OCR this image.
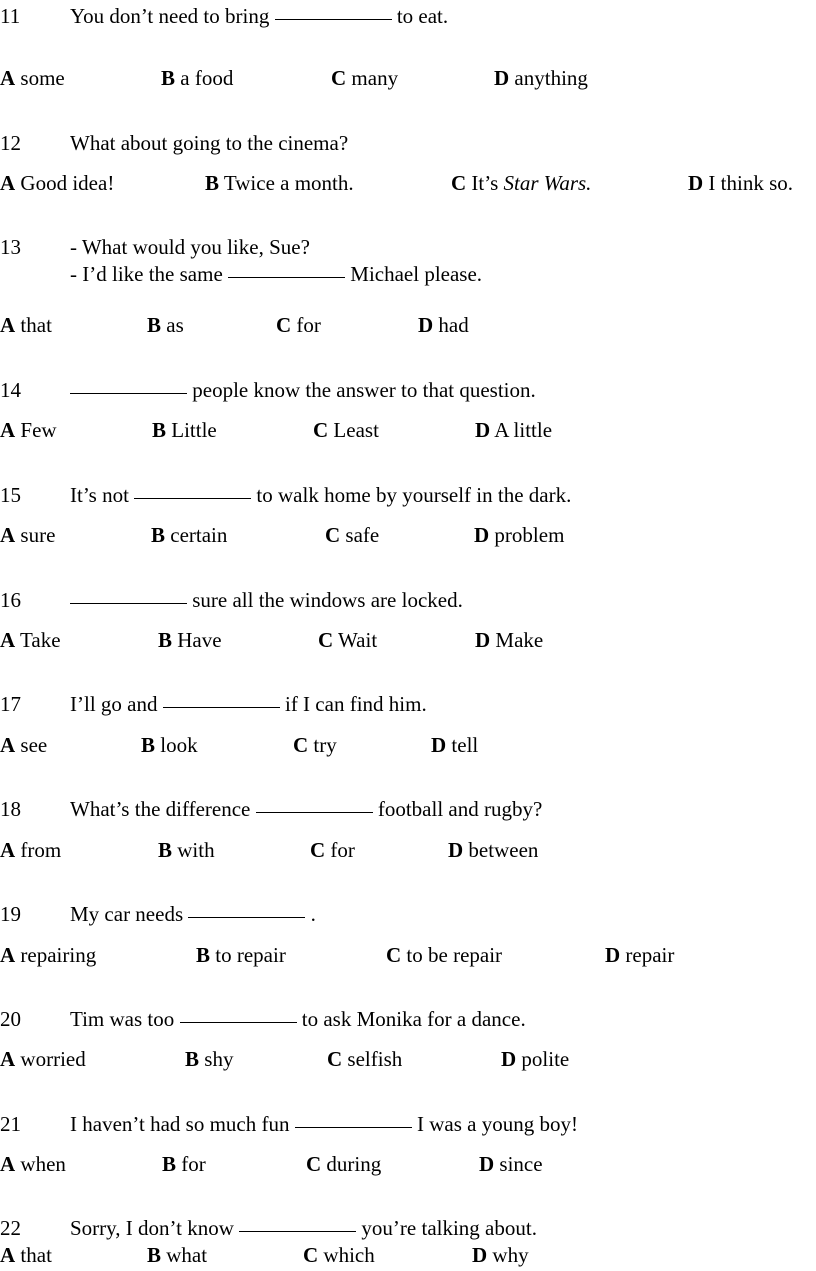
11 You don’t need to bring	to eat.
A some	B a food	C many	D anything
12 What about going to the cinema?
A Good idea!	B Twice a month.	C It’s Star Wars.	D I think so.
13 - What would you like, Sue?
- I’d like the same	Michael please.
A that	B as	C for	D had
14	people know the answer to that question.
A Few	B Little	C Least	D A little
15 It’s not	to walk home by yourself in the dark.
A sure	B certain	C safe	D problem
16	sure all the windows are locked.
A Take	B Have	C Wait	D Make
17 I’ll go and	if I can find him.
A see	B look	C try	D tell
18 What’s the difference	football and rugby?
A from	B with	C for	D between
19 My car needs	.
A repairing	B to repair	C to be repair	D repair
20 Tim was too	to ask Monika for a dance.
A worried	B shy	C selfish	D polite
21 I haven’t had so much fun	I was a young boy!
A when	B for	C during	D since
22 Sorry, I don’t know	you’re talking about.
A that	B what	C which	D why
